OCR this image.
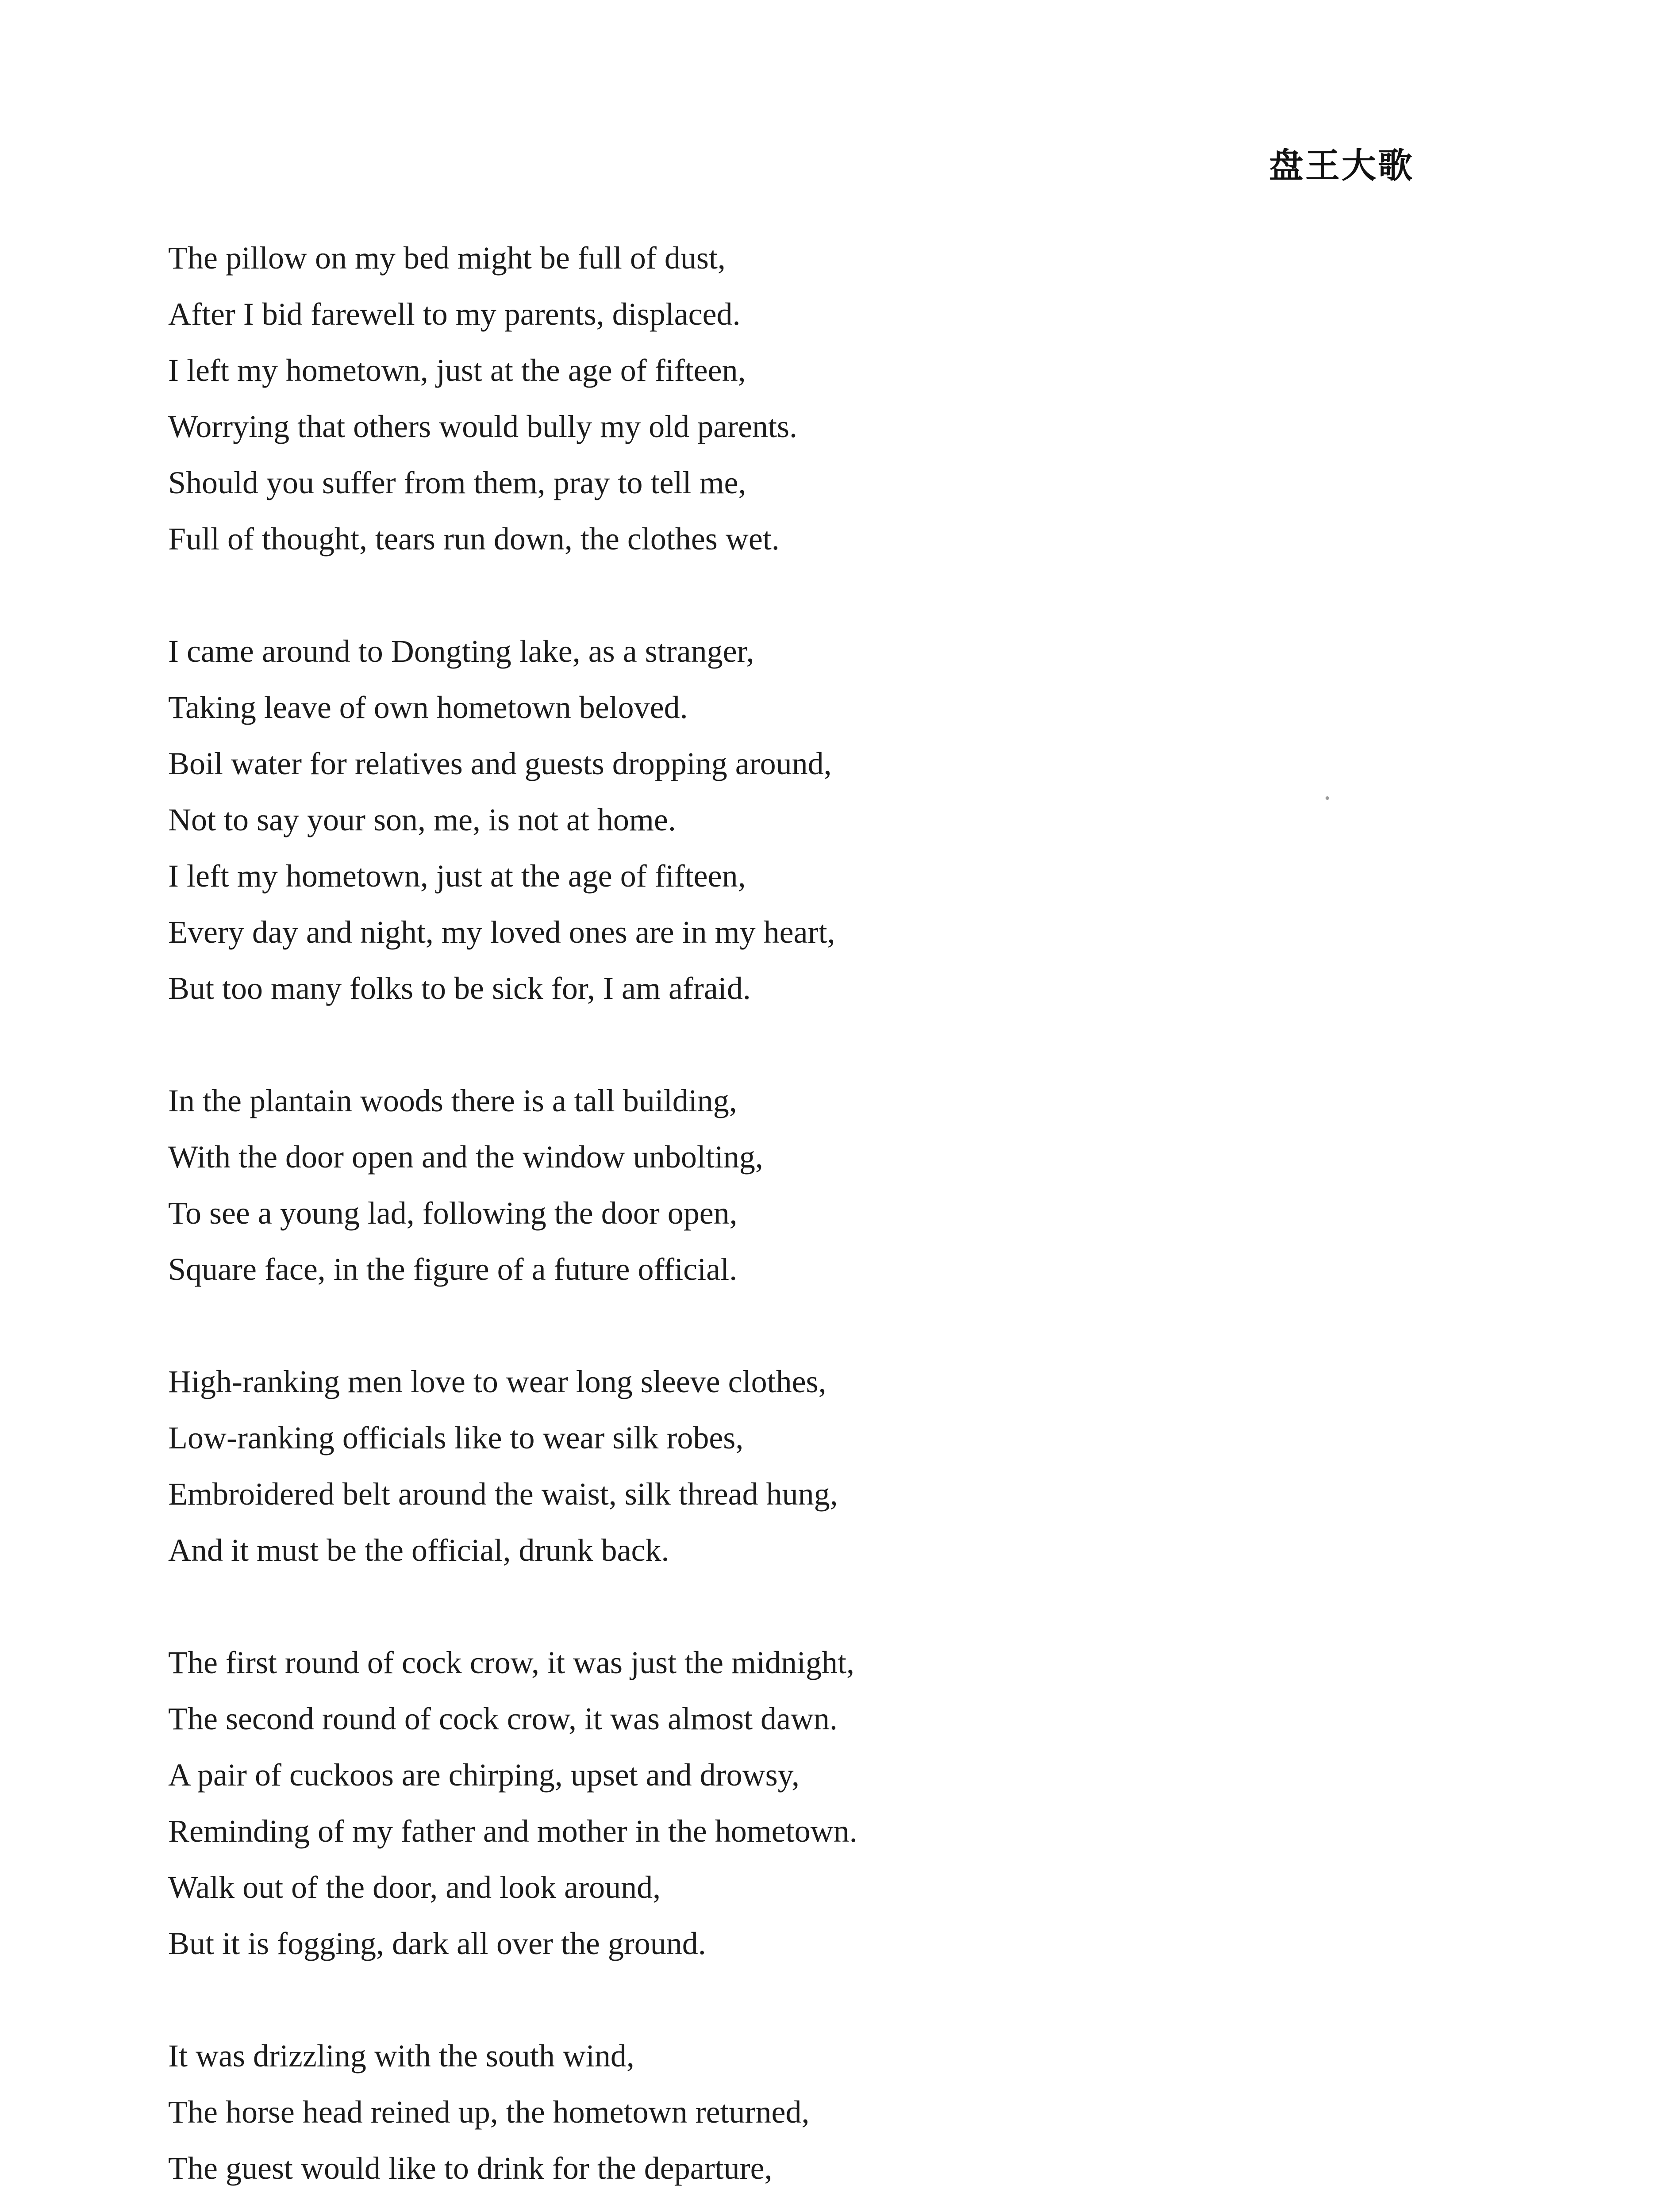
盘王大歌
The pillow on my bed might be full of dust,
After I bid farewell to my parents, displaced.
I left my hometown, just at the age of fifteen,
Worrying that others would bully my old parents.
Should you suffer from them, pray to tell me,
Full of thought, tears run down, the clothes wet.
I came around to Dongting lake, as a stranger,
Taking leave of own hometown beloved.
Boil water for relatives and guests dropping around,
Not to say your son, me, is not at home.
I left my hometown, just at the age of fifteen,
Every day and night, my loved ones are in my heart,
But too many folks to be sick for, I am afraid.
In the plantain woods there is a tall building,
With the door open and the window unbolting,
To see a young lad, following the door open,
Square face, in the figure of a future official.
High-ranking men love to wear long sleeve clothes,
Low-ranking officials like to wear silk robes,
Embroidered belt around the waist, silk thread hung,
And it must be the official, drunk back.
The first round of cock crow, it was just the midnight,
The second round of cock crow, it was almost dawn.
A pair of cuckoos are chirping, upset and drowsy,
Reminding of my father and mother in the hometown.
Walk out of the door, and look around,
But it is fogging, dark all over the ground.
It was drizzling with the south wind,
The horse head reined up, the hometown returned,
The guest would like to drink for the departure,
